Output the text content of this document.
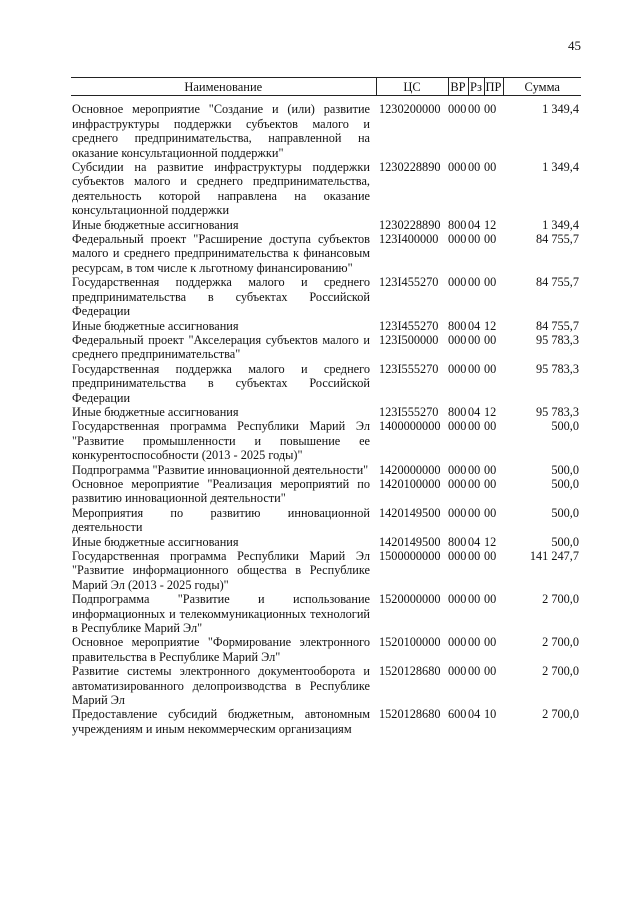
45
Наименование	ЦС	ВР	Рз	ПР	Сумма
Основное мероприятие "Создание и (или) развитие инфраструктуры поддержки субъектов малого и среднего предпринимательства, направленной на оказание консультационной поддержки"	1230200000	000	00	00	1 349,4
Субсидии на развитие инфраструктуры поддержки субъектов малого и среднего предпринимательства, деятельность которой направлена на оказание консультационной поддержки	1230228890	000	00	00	1 349,4
Иные бюджетные ассигнования	1230228890	800	04	12	1 349,4
Федеральный проект "Расширение доступа субъектов малого и среднего предпринимательства к финансовым ресурсам, в том числе к льготному финансированию"	123I400000	000	00	00	84 755,7
Государственная поддержка малого и среднего предпринимательства в субъектах Российской Федерации	123I455270	000	00	00	84 755,7
Иные бюджетные ассигнования	123I455270	800	04	12	84 755,7
Федеральный проект "Акселерация субъектов малого и среднего предпринимательства"	123I500000	000	00	00	95 783,3
Государственная поддержка малого и среднего предпринимательства в субъектах Российской Федерации	123I555270	000	00	00	95 783,3
Иные бюджетные ассигнования	123I555270	800	04	12	95 783,3
Государственная программа Республики Марий Эл "Развитие промышленности и повышение ее конкурентоспособности (2013 - 2025 годы)"	1400000000	000	00	00	500,0
Подпрограмма "Развитие инновационной деятельности"	1420000000	000	00	00	500,0
Основное мероприятие "Реализация мероприятий по развитию инновационной деятельности"	1420100000	000	00	00	500,0
Мероприятия по развитию инновационной деятельности	1420149500	000	00	00	500,0
Иные бюджетные ассигнования	1420149500	800	04	12	500,0
Государственная программа Республики Марий Эл "Развитие информационного общества в Республике Марий Эл (2013 - 2025 годы)"	1500000000	000	00	00	141 247,7
Подпрограмма "Развитие и использование информационных и телекоммуникационных технологий в Республике Марий Эл"	1520000000	000	00	00	2 700,0
Основное мероприятие "Формирование электронного правительства в Республике Марий Эл"	1520100000	000	00	00	2 700,0
Развитие системы электронного документооборота и автоматизированного делопроизводства в Республике Марий Эл	1520128680	000	00	00	2 700,0
Предоставление субсидий бюджетным, автономным учреждениям и иным некоммерческим организациям	1520128680	600	04	10	2 700,0
